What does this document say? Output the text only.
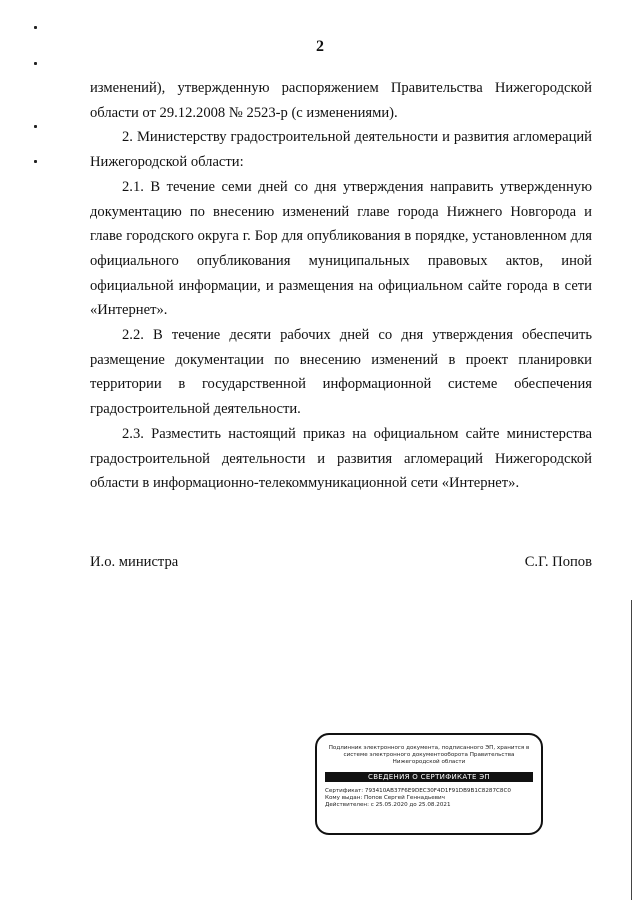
2

изменений), утвержденную распоряжением Правительства Нижегородской области от 29.12.2008 № 2523-р (с изменениями).

2. Министерству градостроительной деятельности и развития агломераций Нижегородской области:

2.1. В течение семи дней со дня утверждения направить утвержденную документацию по внесению изменений главе города Нижнего Новгорода и главе городского округа г. Бор для опубликования в порядке, установленном для официального опубликования муниципальных правовых актов, иной официальной информации, и размещения на официальном сайте города в сети «Интернет».

2.2. В течение десяти рабочих дней со дня утверждения обеспечить размещение документации по внесению изменений в проект планировки территории в государственной информационной системе обеспечения градостроительной деятельности.

2.3. Разместить настоящий приказ на официальном сайте министерства градостроительной деятельности и развития агломераций Нижегородской области в информационно-телекоммуникационной сети «Интернет».

И.о. министра	С.Г. Попов
Подлинник электронного документа, подписанного ЭП, хранится в системе электронного документооборота Правительства Нижегородской области
СВЕДЕНИЯ О СЕРТИФИКАТЕ ЭП
Сертификат: 793410AB37F6E9DEC30F4D1F91DB9B1C8287C8C0
Кому выдан: Попов Сергей Геннадьевич
Действителен: с 25.05.2020 до 25.08.2021
